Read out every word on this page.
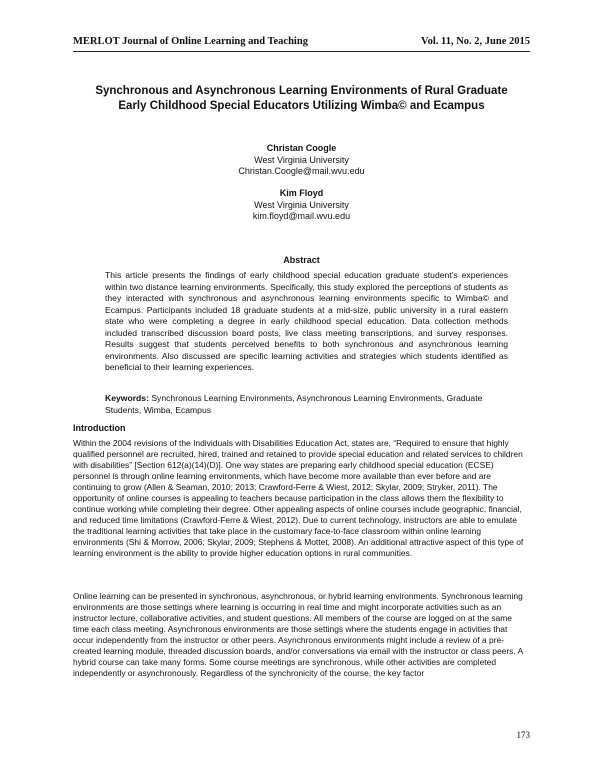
MERLOT Journal of Online Learning and Teaching	Vol. 11, No. 2, June 2015
Synchronous and Asynchronous Learning Environments of Rural Graduate
Early Childhood Special Educators Utilizing Wimba© and Ecampus
Christan Coogle
West Virginia University
Christan.Coogle@mail.wvu.edu
Kim Floyd
West Virginia University
kim.floyd@mail.wvu.edu
Abstract
This article presents the findings of early childhood special education graduate student's experiences within two distance learning environments. Specifically, this study explored the perceptions of students as they interacted with synchronous and asynchronous learning environments specific to Wimba© and Ecampus. Participants included 18 graduate students at a mid-size, public university in a rural eastern state who were completing a degree in early childhood special education. Data collection methods included transcribed discussion board posts, live class meeting transcriptions, and survey responses. Results suggest that students perceived benefits to both synchronous and asynchronous learning environments. Also discussed are specific learning activities and strategies which students identified as beneficial to their learning experiences.
Keywords: Synchronous Learning Environments, Asynchronous Learning Environments, Graduate Students, Wimba, Ecampus
Introduction
Within the 2004 revisions of the Individuals with Disabilities Education Act, states are, “Required to ensure that highly qualified personnel are recruited, hired, trained and retained to provide special education and related services to children with disabilities” [Section 612(a)(14)(D)]. One way states are preparing early childhood special education (ECSE) personnel is through online learning environments, which have become more available than ever before and are continuing to grow (Allen & Seaman, 2010; 2013; Crawford-Ferre & Wiest, 2012; Skylar, 2009; Stryker, 2011). The opportunity of online courses is appealing to teachers because participation in the class allows them the flexibility to continue working while completing their degree. Other appealing aspects of online courses include geographic, financial, and reduced time limitations (Crawford-Ferre & Wiest, 2012). Due to current technology, instructors are able to emulate the traditional learning activities that take place in the customary face-to-face classroom within online learning environments (Shi & Morrow, 2006; Skylar, 2009; Stephens & Mottet, 2008). An additional attractive aspect of this type of learning environment is the ability to provide higher education options in rural communities.
Online learning can be presented in synchronous, asynchronous, or hybrid learning environments. Synchronous learning environments are those settings where learning is occurring in real time and might incorporate activities such as an instructor lecture, collaborative activities, and student questions. All members of the course are logged on at the same time each class meeting. Asynchronous environments are those settings where the students engage in activities that occur independently from the instructor or other peers. Asynchronous environments might include a review of a pre-created learning module, threaded discussion boards, and/or conversations via email with the instructor or class peers. A hybrid course can take many forms. Some course meetings are synchronous, while other activities are completed independently or asynchronously. Regardless of the synchronicity of the course, the key factor
173
